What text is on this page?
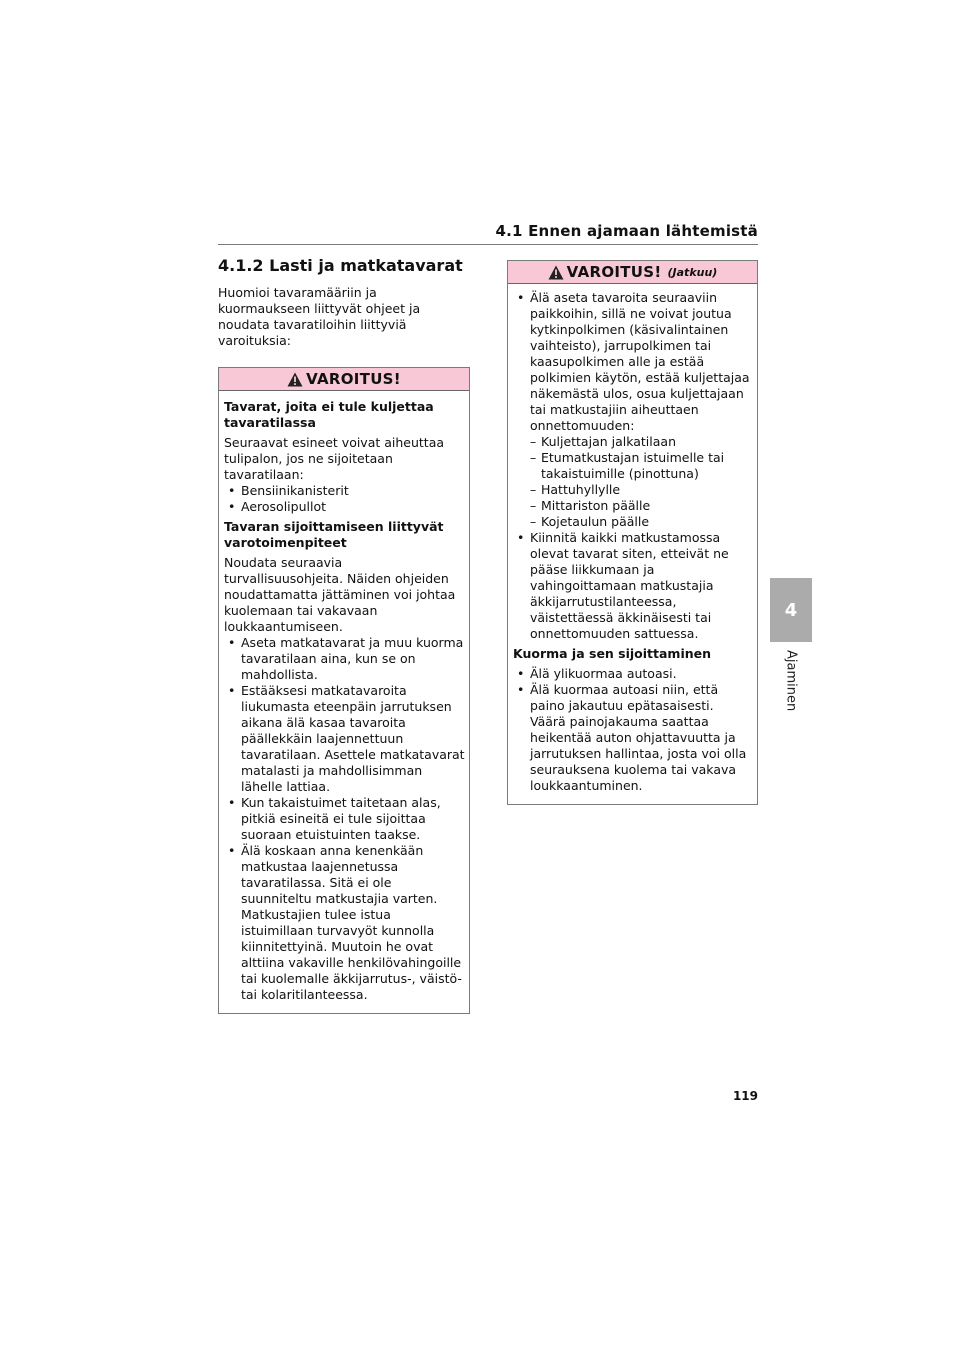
4.1 Ennen ajamaan lähtemistä
4
Ajaminen
4.1.2 Lasti ja matkatavarat

Huomioi tavaramääriin ja kuormaukseen liittyvät ohjeet ja noudata tavaratiloihin liittyviä varoituksia:

VAROITUS!
Tavarat, joita ei tule kuljettaa tavaratilassa
Seuraavat esineet voivat aiheuttaa tulipalon, jos ne sijoitetaan tavaratilaan:
• Bensiinikanisterit
• Aerosolipullot
Tavaran sijoittamiseen liittyvät varotoimenpiteet
Noudata seuraavia turvallisuusohjeita. Näiden ohjeiden noudattamatta jättäminen voi johtaa kuolemaan tai vakavaan loukkaantumiseen.
• Aseta matkatavarat ja muu kuorma tavaratilaan aina, kun se on mahdollista.
• Estääksesi matkatavaroita liukumasta eteenpäin jarrutuksen aikana älä kasaa tavaroita päällekkäin laajennettuun tavaratilaan. Asettele matkatavarat matalasti ja mahdollisimman lähelle lattiaa.
• Kun takaistuimet taitetaan alas, pitkiä esineitä ei tule sijoittaa suoraan etuistuinten taakse.
• Älä koskaan anna kenenkään matkustaa laajennetussa tavaratilassa. Sitä ei ole suunniteltu matkustajia varten. Matkustajien tulee istua istuimillaan turvavyöt kunnolla kiinnitettyinä. Muutoin he ovat alttiina vakaville henkilövahingoille tai kuolemalle äkkijarrutus-, väistö- tai kolaritilanteessa.
VAROITUS! (Jatkuu)
• Älä aseta tavaroita seuraaviin paikkoihin, sillä ne voivat joutua kytkinpolkimen (käsivalintainen vaihteisto), jarrupolkimen tai kaasupolkimen alle ja estää polkimien käytön, estää kuljettajaa näkemästä ulos, osua kuljettajaan tai matkustajiin aiheuttaen onnettomuuden:
– Kuljettajan jalkatilaan
– Etumatkustajan istuimelle tai takaistuimille (pinottuna)
– Hattuhyllylle
– Mittariston päälle
– Kojetaulun päälle
• Kiinnitä kaikki matkustamossa olevat tavarat siten, etteivät ne pääse liikkumaan ja vahingoittamaan matkustajia äkkijarrutustilanteessa, väistettäessä äkkinäisesti tai onnettomuuden sattuessa.
Kuorma ja sen sijoittaminen
• Älä ylikuormaa autoasi.
• Älä kuormaa autoasi niin, että paino jakautuu epätasaisesti. Väärä painojakauma saattaa heikentää auton ohjattavuutta ja jarrutuksen hallintaa, josta voi olla seurauksena kuolema tai vakava loukkaantuminen.
119
